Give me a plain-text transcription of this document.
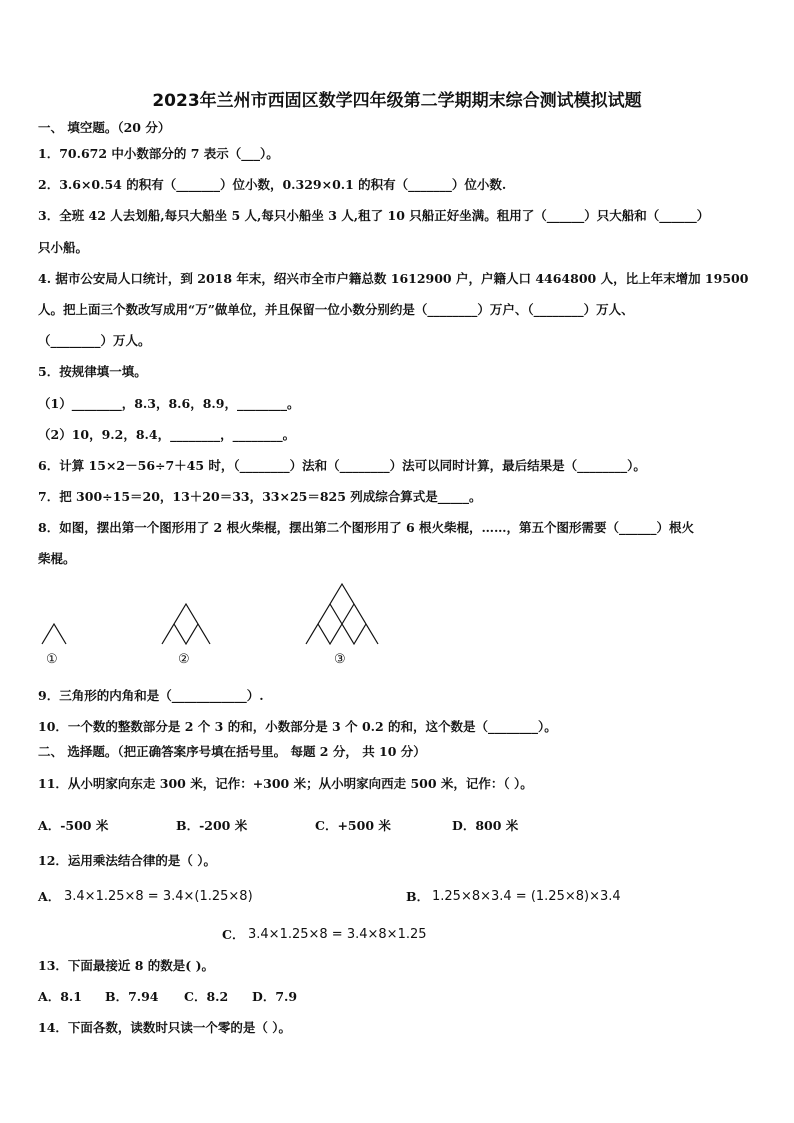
2023年兰州市西固区数学四年级第二学期期末综合测试模拟试题
一、 填空题。（20 分）
1．70.672 中小数部分的 7 表示（___）。
2．3.6×0.54 的积有（_______）位小数，0.329×0.1 的积有（_______）位小数.
3．全班 42 人去划船,每只大船坐 5 人,每只小船坐 3 人,租了 10 只船正好坐满。租用了（______）只大船和（______）
只小船。
4. 据市公安局人口统计，到 2018 年末，绍兴市全市户籍总数 1612900 户，户籍人口 4464800 人，比上年末增加 19500
人。把上面三个数改写成用“万”做单位，并且保留一位小数分别约是（________）万户、（________）万人、
（________）万人。
5．按规律填一填。
（1）________，8.3，8.6，8.9，________。
（2）10，9.2，8.4，________，________。
6．计算 15×2－56÷7＋45 时，（________）法和（________）法可以同时计算，最后结果是（________）。
7．把 300÷15＝20，13＋20＝33，33×25＝825 列成综合算式是_____。
8．如图，摆出第一个图形用了 2 根火柴棍，摆出第二个图形用了 6 根火柴棍，……，第五个图形需要（______）根火
柴棍。
①	②	③
9．三角形的内角和是（____________）.
10．一个数的整数部分是 2 个 3 的和，小数部分是 3 个 0.2 的和，这个数是（________）。
二、 选择题。（把正确答案序号填在括号里。 每题 2 分， 共 10 分）
11．从小明家向东走 300 米，记作：+300 米；从小明家向西走 500 米，记作：（ ）。
A．-500 米	B．-200 米	C．+500 米	D．800 米
12．运用乘法结合律的是（ ）。
A． 3.4×1.25×8 = 3.4×(1.25×8)	B． 1.25×8×3.4 = (1.25×8)×3.4
C． 3.4×1.25×8 = 3.4×8×1.25
13．下面最接近 8 的数是( )。
A．8.1 B．7.94 C．8.2 D．7.9
14．下面各数，读数时只读一个零的是（ ）。
